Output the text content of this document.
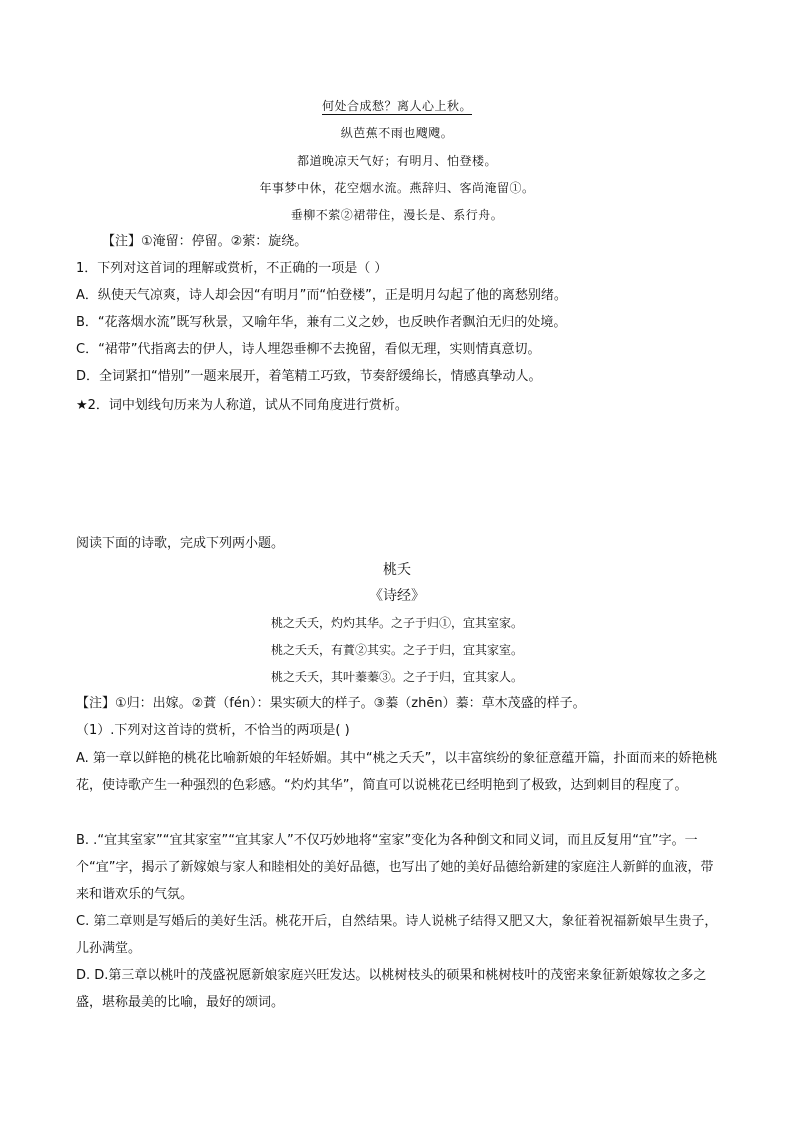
何处合成愁？离人心上秋。
纵芭蕉不雨也飕飕。
都道晚凉天气好；有明月、怕登楼。
年事梦中休，花空烟水流。燕辞归、客尚淹留①。
垂柳不萦②裙带住，漫长是、系行舟。
【注】①淹留：停留。②萦：旋绕。
1．下列对这首词的理解或赏析，不正确的一项是（ ）
A．纵使天气凉爽，诗人却会因“有明月”而“怕登楼”，正是明月勾起了他的离愁别绪。
B．“花落烟水流”既写秋景，又喻年华，兼有二义之妙，也反映作者飘泊无归的处境。
C．“裙带”代指离去的伊人，诗人埋怨垂柳不去挽留，看似无理，实则情真意切。
D．全词紧扣“惜别”一题来展开，着笔精工巧致，节奏舒缓绵长，情感真挚动人。
★2．词中划线句历来为人称道，试从不同角度进行赏析。
阅读下面的诗歌，完成下列两小题。
桃夭
《诗经》
桃之夭夭，灼灼其华。之子于归①，宜其室家。
桃之夭夭，有蕡②其实。之子于归，宜其家室。
桃之夭夭，其叶蓁蓁③。之子于归，宜其家人。
【注】①归：出嫁。②蕡（fén）：果实硕大的样子。③蓁（zhēn）蓁：草木茂盛的样子。
（1）.下列对这首诗的赏析，不恰当的两项是( )
A. 第一章以鲜艳的桃花比喻新娘的年轻娇媚。其中“桃之夭夭”，以丰富缤纷的象征意蕴开篇，扑面而来的娇艳桃花，使诗歌产生一种强烈的色彩感。“灼灼其华”，简直可以说桃花已经明艳到了极致，达到刺目的程度了。
B. .“宜其室家”“宜其家室”“宜其家人”不仅巧妙地将“室家”变化为各种倒文和同义词，而且反复用“宜”字。一个“宜”字，揭示了新嫁娘与家人和睦相处的美好品德，也写出了她的美好品德给新建的家庭注人新鲜的血液，带来和谐欢乐的气氛。
C. 第二章则是写婚后的美好生活。桃花开后，自然结果。诗人说桃子结得又肥又大，象征着祝福新娘早生贵子，儿孙满堂。
D. D.第三章以桃叶的茂盛祝愿新娘家庭兴旺发达。以桃树枝头的硕果和桃树枝叶的茂密来象征新娘嫁妆之多之盛，堪称最美的比喻，最好的颂词。
